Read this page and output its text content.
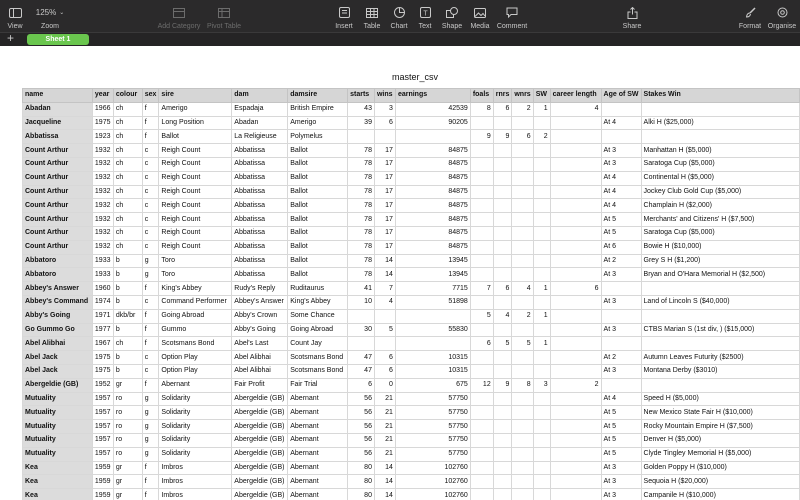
View
125% ⌄
Zoom	Add Category Pivot Table	Insert Table Chart
T
Text Shape Media Comment	Share	Format Organise
+	Sheet 1
master_csv
name	year	colour	sex	sire	dam	damsire	starts	wins	earnings	foals	rnrs	wnrs	SW	career length	Age of SW	Stakes Win
Abadan	1966	ch	f	Amerigo	Espadaja	British Empire	43	3	42539	8	6	2	1	4		
Jacqueline	1975	ch	f	Long Position	Abadan	Amerigo	39	6	90205						At 4	Alki H ($25,000)
Abbatissa	1923	ch	f	Ballot	La Religieuse	Polymelus				9	9	6	2			
Count Arthur	1932	ch	c	Reigh Count	Abbatissa	Ballot	78	17	84875						At 3	Manhattan H ($5,000)
Count Arthur	1932	ch	c	Reigh Count	Abbatissa	Ballot	78	17	84875						At 3	Saratoga Cup ($5,000)
Count Arthur	1932	ch	c	Reigh Count	Abbatissa	Ballot	78	17	84875						At 4	Continental H ($5,000)
Count Arthur	1932	ch	c	Reigh Count	Abbatissa	Ballot	78	17	84875						At 4	Jockey Club Gold Cup ($5,000)
Count Arthur	1932	ch	c	Reigh Count	Abbatissa	Ballot	78	17	84875						At 4	Champlain H ($2,000)
Count Arthur	1932	ch	c	Reigh Count	Abbatissa	Ballot	78	17	84875						At 5	Merchants' and Citizens' H ($7,500)
Count Arthur	1932	ch	c	Reigh Count	Abbatissa	Ballot	78	17	84875						At 5	Saratoga Cup ($5,000)
Count Arthur	1932	ch	c	Reigh Count	Abbatissa	Ballot	78	17	84875						At 6	Bowie H ($10,000)
Abbatoro	1933	b	g	Toro	Abbatissa	Ballot	78	14	13945						At 2	Grey S H ($1,200)
Abbatoro	1933	b	g	Toro	Abbatissa	Ballot	78	14	13945						At 3	Bryan and O'Hara Memorial H ($2,500)
Abbey's Answer	1960	b	f	King's Abbey	Rudy's Reply	Ruditaurus	41	7	7715	7	6	4	1	6		
Abbey's Command	1974	b	c	Command Performer	Abbey's Answer	King's Abbey	10	4	51898						At 3	Land of Lincoln S ($40,000)
Abby's Going	1971	dkb/br	f	Going Abroad	Abby's Crown	Some Chance				5	4	2	1			
Go Gummo Go	1977	b	f	Gummo	Abby's Going	Going Abroad	30	5	55830						At 3	CTBS Marian S (1st div, ) ($15,000)
Abel Alibhai	1967	ch	f	Scotsmans Bond	Abel's Last	Count Jay				6	5	5	1			
Abel Jack	1975	b	c	Option Play	Abel Alibhai	Scotsmans Bond	47	6	10315						At 2	Autumn Leaves Futurity ($2500)
Abel Jack	1975	b	c	Option Play	Abel Alibhai	Scotsmans Bond	47	6	10315						At 3	Montana Derby ($3010)
Abergeldie (GB)	1952	gr	f	Abernant	Fair Profit	Fair Trial	6	0	675	12	9	8	3	2		
Mutuality	1957	ro	g	Solidarity	Abergeldie (GB)	Abernant	56	21	57750						At 4	Speed H ($5,000)
Mutuality	1957	ro	g	Solidarity	Abergeldie (GB)	Abernant	56	21	57750						At 5	New Mexico State Fair H ($10,000)
Mutuality	1957	ro	g	Solidarity	Abergeldie (GB)	Abernant	56	21	57750						At 5	Rocky Mountain Empire H ($7,500)
Mutuality	1957	ro	g	Solidarity	Abergeldie (GB)	Abernant	56	21	57750						At 5	Denver H ($5,000)
Mutuality	1957	ro	g	Solidarity	Abergeldie (GB)	Abernant	56	21	57750						At 5	Clyde Tingley Memorial H ($5,000)
Kea	1959	gr	f	Imbros	Abergeldie (GB)	Abernant	80	14	102760						At 3	Golden Poppy H ($10,000)
Kea	1959	gr	f	Imbros	Abergeldie (GB)	Abernant	80	14	102760						At 3	Sequoia H ($20,000)
Kea	1959	gr	f	Imbros	Abergeldie (GB)	Abernant	80	14	102760						At 3	Campanile H ($10,000)
